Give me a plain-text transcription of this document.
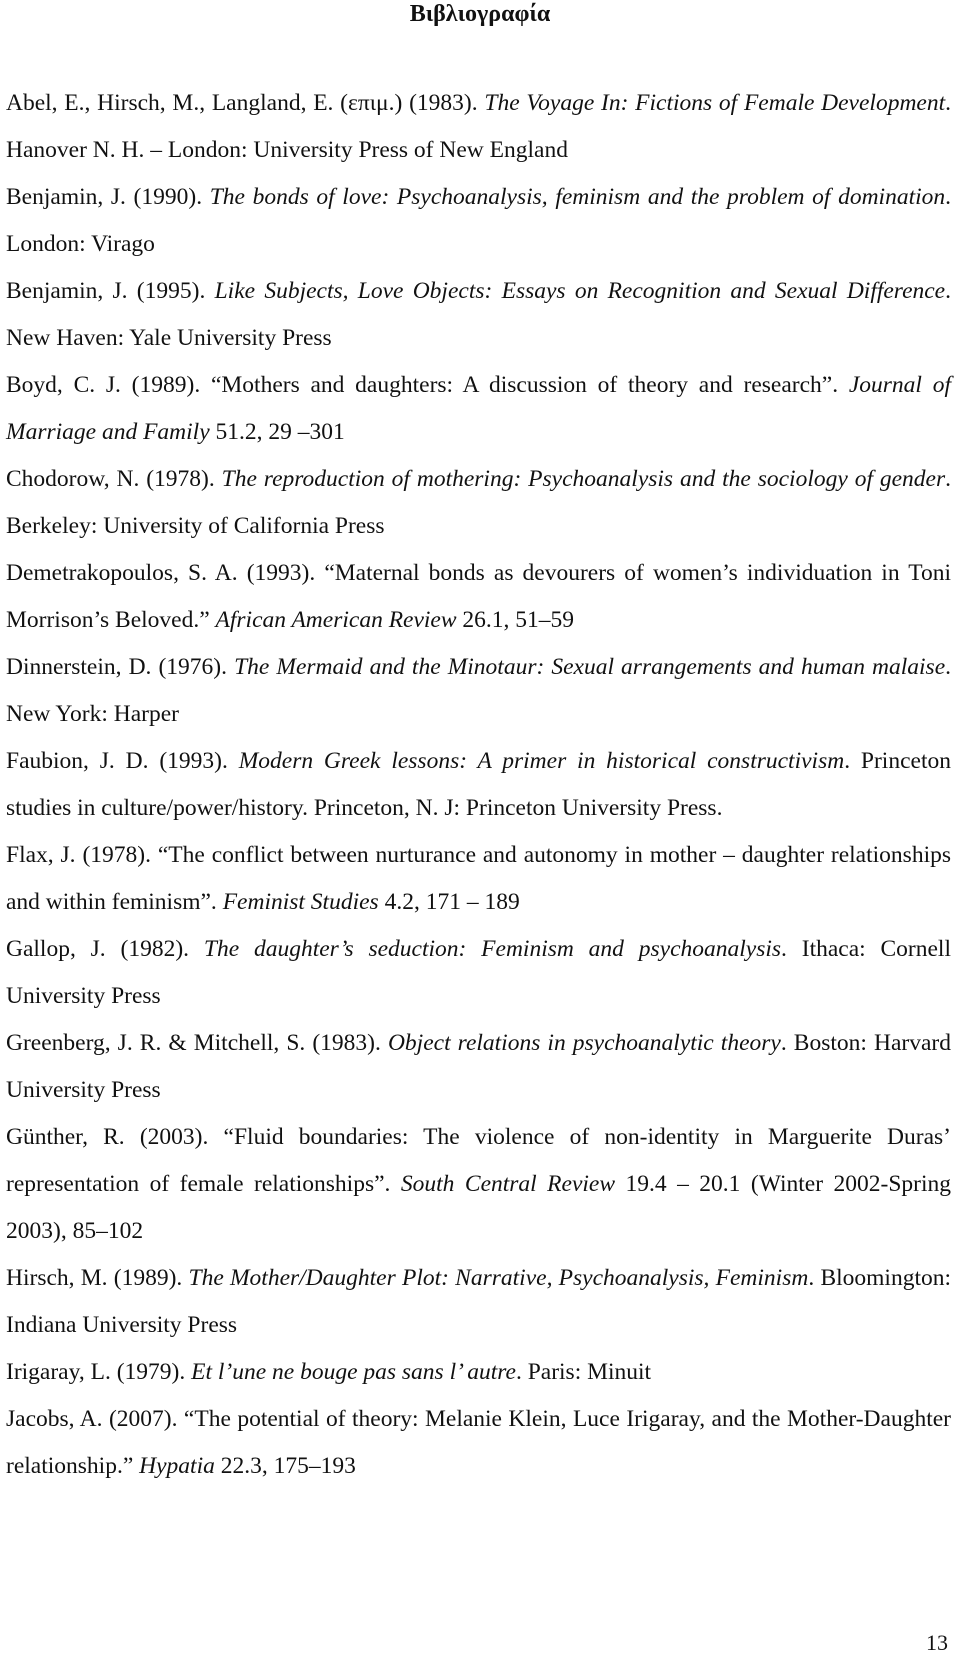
Βιβλιογραφία

Abel, E., Hirsch, M., Langland, E. (επιμ.) (1983). The Voyage In: Fictions of Female Development. Hanover N. H. – London: University Press of New England

Benjamin, J. (1990). The bonds of love: Psychoanalysis, feminism and the problem of domination. London: Virago

Benjamin, J. (1995). Like Subjects, Love Objects: Essays on Recognition and Sexual Difference. New Haven: Yale University Press

Boyd, C. J. (1989). “Mothers and daughters: A discussion of theory and research”. Journal of Marriage and Family 51.2, 29 –301

Chodorow, N. (1978). The reproduction of mothering: Psychoanalysis and the sociology of gender. Berkeley: University of California Press

Demetrakopoulos, S. A. (1993). “Maternal bonds as devourers of women’s individuation in Toni Morrison’s Beloved.” African American Review 26.1, 51–59

Dinnerstein, D. (1976). The Mermaid and the Minotaur: Sexual arrangements and human malaise. New York: Harper

Faubion, J. D. (1993). Modern Greek lessons: A primer in historical constructivism. Princeton studies in culture/power/history. Princeton, N. J: Princeton University Press.

Flax, J. (1978). “The conflict between nurturance and autonomy in mother – daughter relationships and within feminism”. Feminist Studies 4.2, 171 – 189

Gallop, J. (1982). The daughter’s seduction: Feminism and psychoanalysis. Ithaca: Cornell University Press

Greenberg, J. R. & Mitchell, S. (1983). Object relations in psychoanalytic theory. Boston: Harvard University Press

Günther, R. (2003). “Fluid boundaries: The violence of non-identity in Marguerite Duras’ representation of female relationships”. South Central Review 19.4 – 20.1 (Winter 2002-Spring 2003), 85–102

Hirsch, M. (1989). The Mother/Daughter Plot: Narrative, Psychoanalysis, Feminism. Bloomington: Indiana University Press

Irigaray, L. (1979). Et l’une ne bouge pas sans l’ autre. Paris: Minuit

Jacobs, A. (2007). “The potential of theory: Melanie Klein, Luce Irigaray, and the Mother-Daughter relationship.” Hypatia 22.3, 175–193

13
